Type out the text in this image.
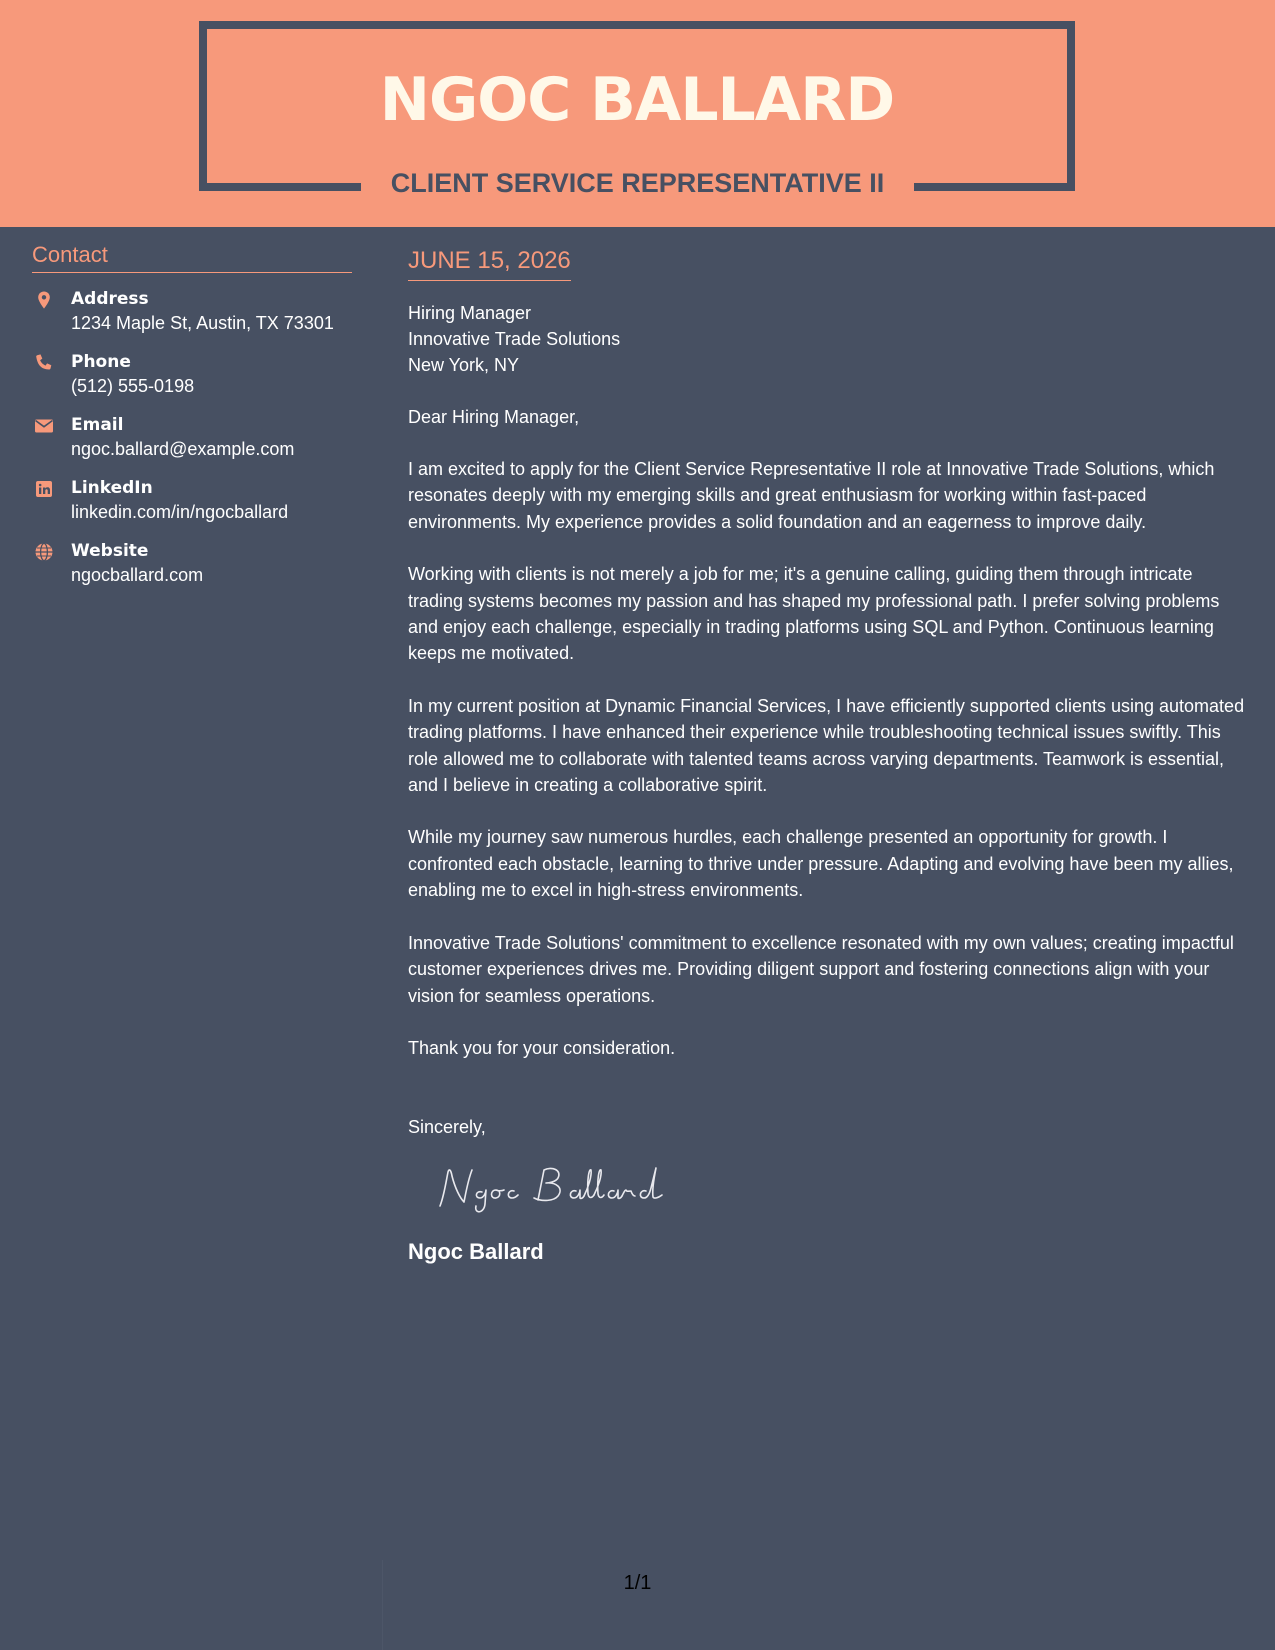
NGOC BALLARD
CLIENT SERVICE REPRESENTATIVE II
Contact
Address
1234 Maple St, Austin, TX 73301
Phone
(512) 555-0198
Email
ngoc.ballard@example.com
LinkedIn
linkedin.com/in/ngocballard
Website
ngocballard.com
JUNE 15, 2026
Hiring Manager
Innovative Trade Solutions
New York, NY
Dear Hiring Manager,

I am excited to apply for the Client Service Representative II role at Innovative Trade Solutions, which resonates deeply with my emerging skills and great enthusiasm for working within fast-paced environments. My experience provides a solid foundation and an eagerness to improve daily.

Working with clients is not merely a job for me; it's a genuine calling, guiding them through intricate trading systems becomes my passion and has shaped my professional path. I prefer solving problems and enjoy each challenge, especially in trading platforms using SQL and Python. Continuous learning keeps me motivated.

In my current position at Dynamic Financial Services, I have efficiently supported clients using automated trading platforms. I have enhanced their experience while troubleshooting technical issues swiftly. This role allowed me to collaborate with talented teams across varying departments. Teamwork is essential, and I believe in creating a collaborative spirit.

While my journey saw numerous hurdles, each challenge presented an opportunity for growth. I confronted each obstacle, learning to thrive under pressure. Adapting and evolving have been my allies, enabling me to excel in high-stress environments.

Innovative Trade Solutions' commitment to excellence resonated with my own values; creating impactful customer experiences drives me. Providing diligent support and fostering connections align with your vision for seamless operations.

Thank you for your consideration.
Sincerely,
Ngoc Ballard
1/1
